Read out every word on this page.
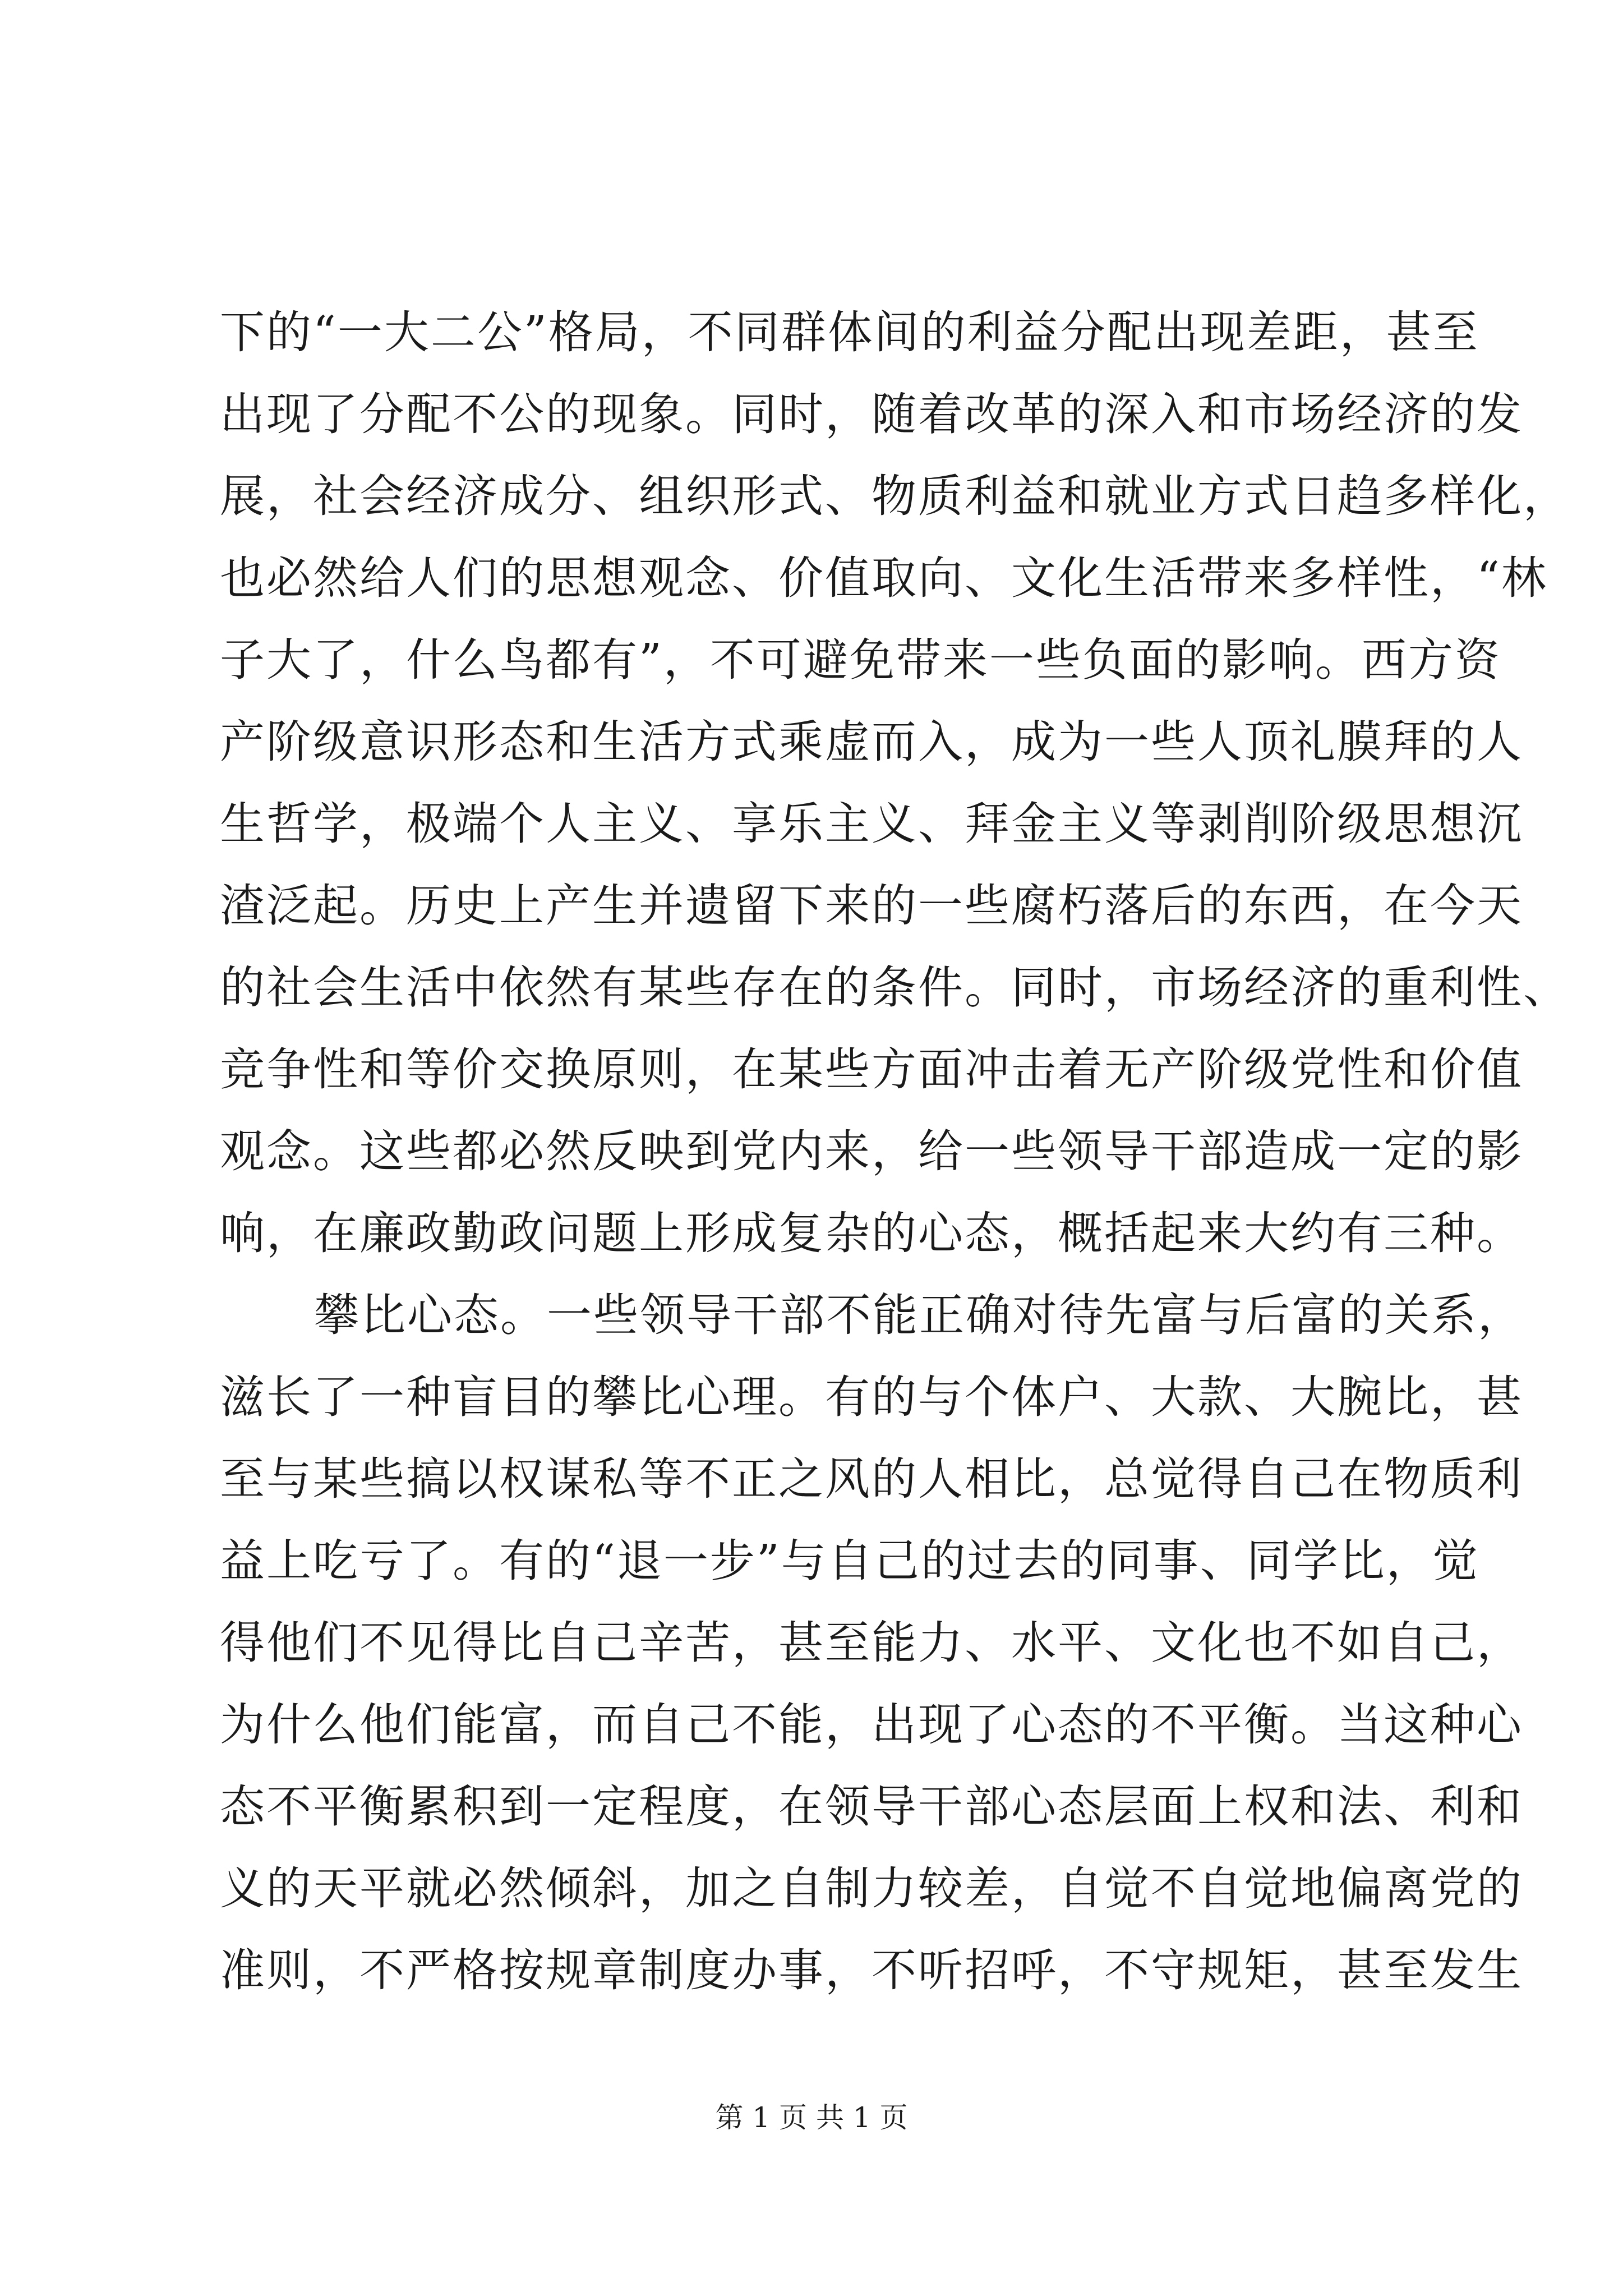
下的“一大二公”格局，不同群体间的利益分配出现差距，甚至
出现了分配不公的现象。同时，随着改革的深入和市场经济的发
展，社会经济成分、组织形式、物质利益和就业方式日趋多样化，
也必然给人们的思想观念、价值取向、文化生活带来多样性，“林
子大了，什么鸟都有”，不可避免带来一些负面的影响。西方资
产阶级意识形态和生活方式乘虚而入，成为一些人顶礼膜拜的人
生哲学，极端个人主义、享乐主义、拜金主义等剥削阶级思想沉
渣泛起。历史上产生并遗留下来的一些腐朽落后的东西，在今天
的社会生活中依然有某些存在的条件。同时，市场经济的重利性、
竞争性和等价交换原则，在某些方面冲击着无产阶级党性和价值
观念。这些都必然反映到党内来，给一些领导干部造成一定的影
响，在廉政勤政问题上形成复杂的心态，概括起来大约有三种。
攀比心态。一些领导干部不能正确对待先富与后富的关系，
滋长了一种盲目的攀比心理。有的与个体户、大款、大腕比，甚
至与某些搞以权谋私等不正之风的人相比，总觉得自己在物质利
益上吃亏了。有的“退一步”与自己的过去的同事、同学比，觉
得他们不见得比自己辛苦，甚至能力、水平、文化也不如自己，
为什么他们能富，而自己不能，出现了心态的不平衡。当这种心
态不平衡累积到一定程度，在领导干部心态层面上权和法、利和
义的天平就必然倾斜，加之自制力较差，自觉不自觉地偏离党的
准则，不严格按规章制度办事，不听招呼，不守规矩，甚至发生
第 1 页 共 1 页
